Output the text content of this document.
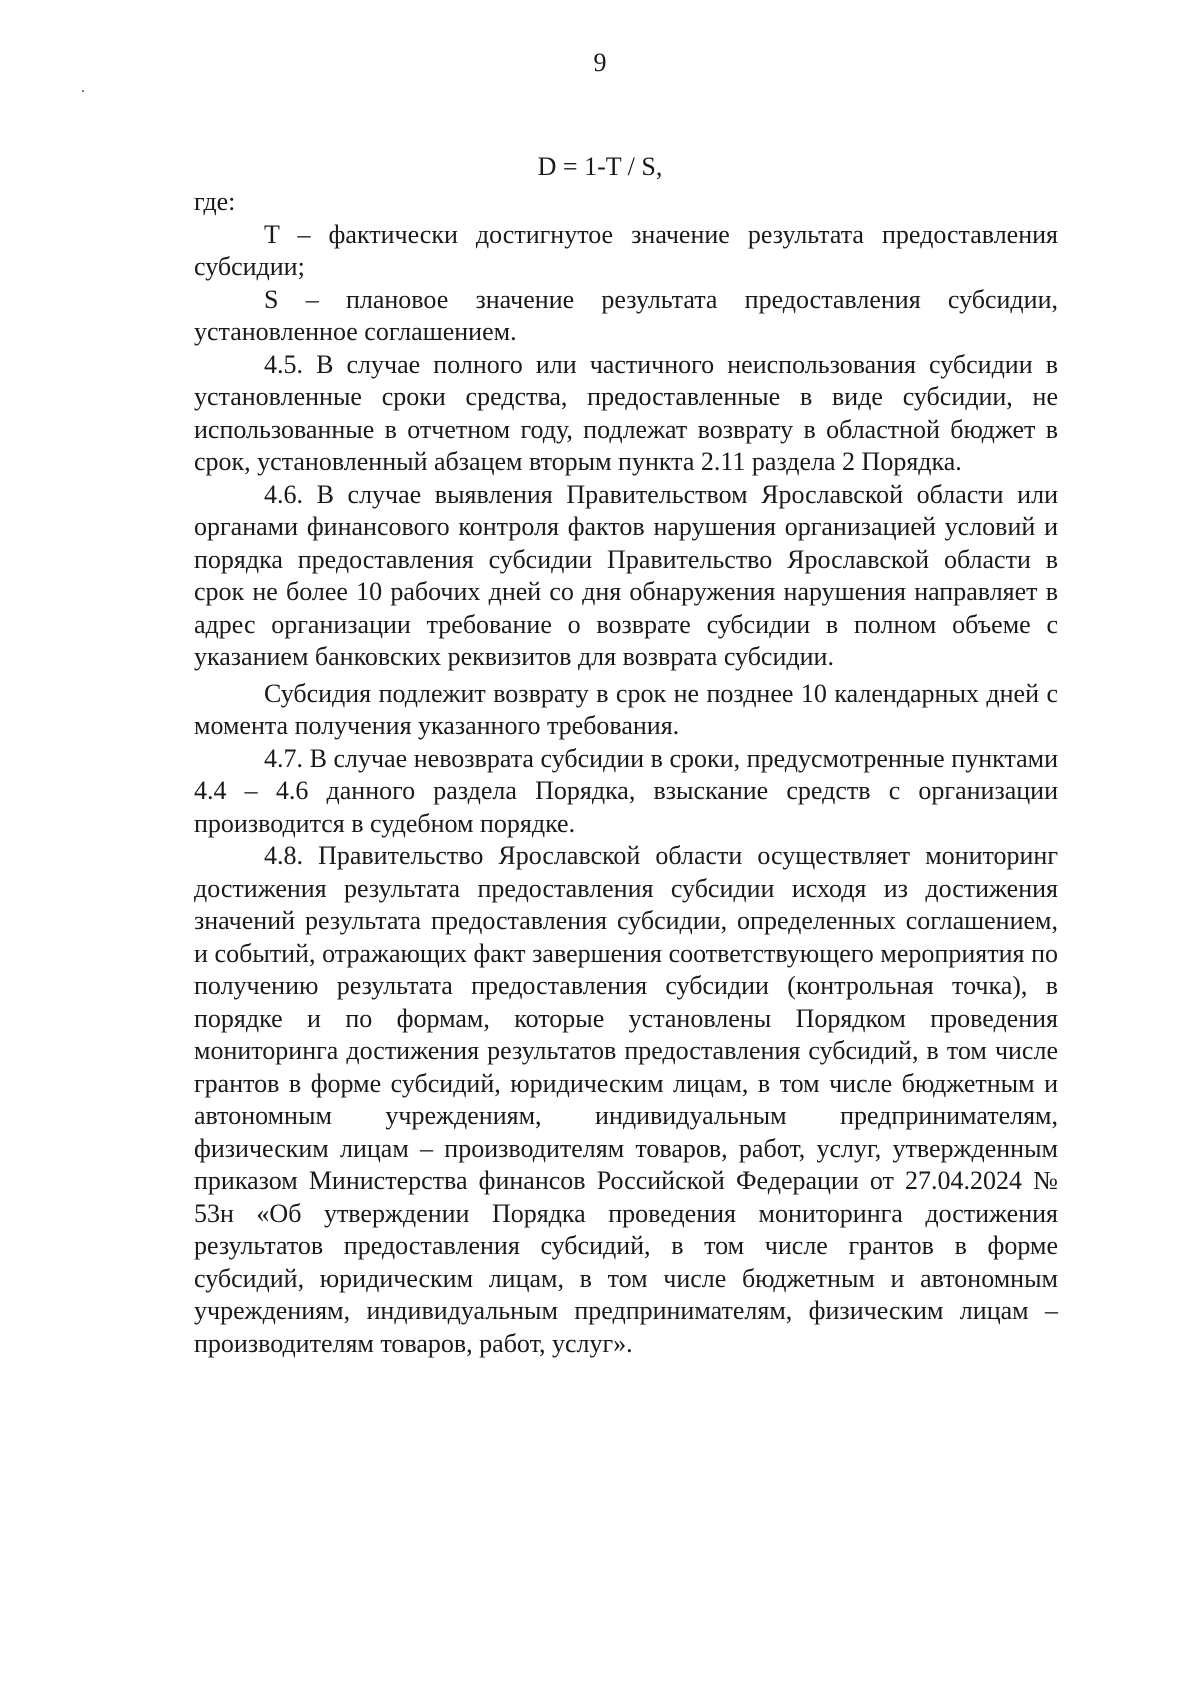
9
D = 1-T / S,

где:

T – фактически достигнутое значение результата предоставления субсидии;

S – плановое значение результата предоставления субсидии, установленное соглашением.

4.5. В случае полного или частичного неиспользования субсидии в установленные сроки средства, предоставленные в виде субсидии, не использованные в отчетном году, подлежат возврату в областной бюджет в срок, установленный абзацем вторым пункта 2.11 раздела 2 Порядка.

4.6. В случае выявления Правительством Ярославской области или органами финансового контроля фактов нарушения организацией условий и порядка предоставления субсидии Правительство Ярославской области в срок не более 10 рабочих дней со дня обнаружения нарушения направляет в адрес организации требование о возврате субсидии в полном объеме с указанием банковских реквизитов для возврата субсидии.

Субсидия подлежит возврату в срок не позднее 10 календарных дней с момента получения указанного требования.

4.7. В случае невозврата субсидии в сроки, предусмотренные пунктами 4.4 – 4.6 данного раздела Порядка, взыскание средств с организации производится в судебном порядке.

4.8. Правительство Ярославской области осуществляет мониторинг достижения результата предоставления субсидии исходя из достижения значений результата предоставления субсидии, определенных соглашением, и событий, отражающих факт завершения соответствующего мероприятия по получению результата предоставления субсидии (контрольная точка), в порядке и по формам, которые установлены Порядком проведения мониторинга достижения результатов предоставления субсидий, в том числе грантов в форме субсидий, юридическим лицам, в том числе бюджетным и автономным учреждениям, индивидуальным предпринимателям, физическим лицам – производителям товаров, работ, услуг, утвержденным приказом Министерства финансов Российской Федерации от 27.04.2024 № 53н «Об утверждении Порядка проведения мониторинга достижения результатов предоставления субсидий, в том числе грантов в форме субсидий, юридическим лицам, в том числе бюджетным и автономным учреждениям, индивидуальным предпринимателям, физическим лицам – производителям товаров, работ, услуг».
